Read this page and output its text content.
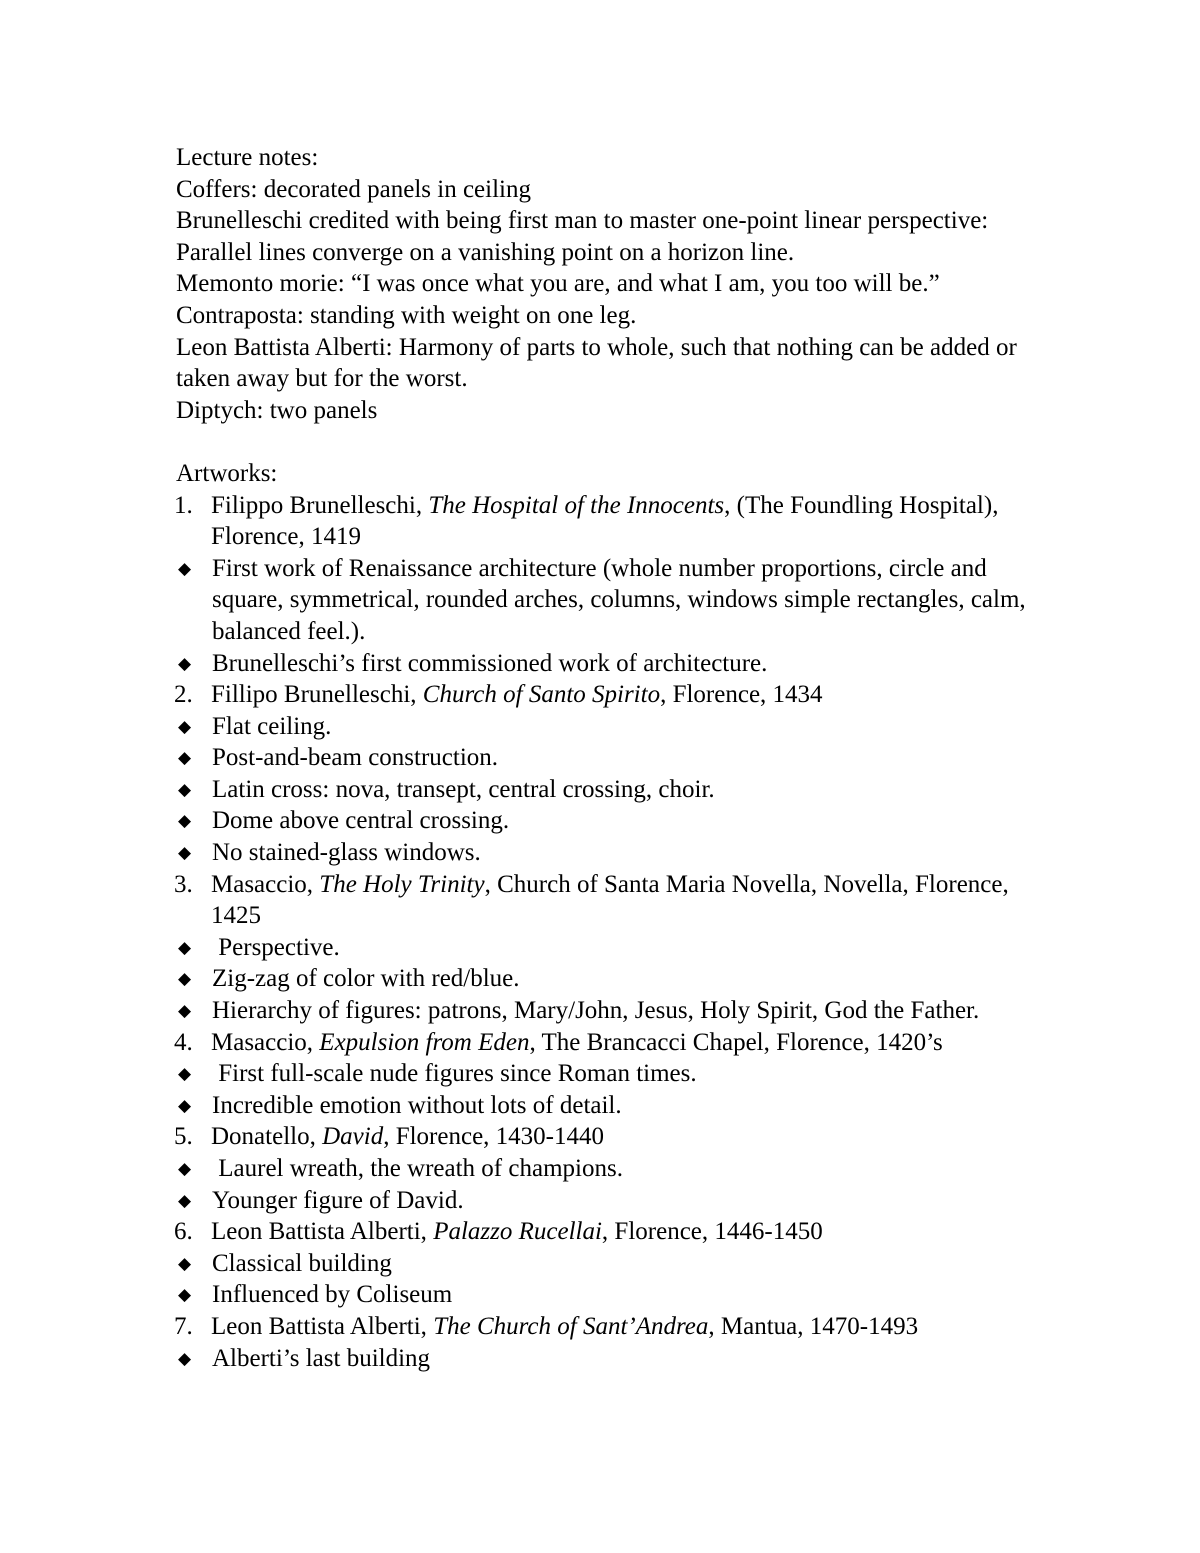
Lecture notes:

Coffers: decorated panels in ceiling

Brunelleschi credited with being first man to master one-point linear perspective: Parallel lines converge on a vanishing point on a horizon line.

Memonto morie: “I was once what you are, and what I am, you too will be.”

Contraposta: standing with weight on one leg.

Leon Battista Alberti: Harmony of parts to whole, such that nothing can be added or taken away but for the worst.

Diptych: two panels

Artworks:

1. Filippo Brunelleschi, The Hospital of the Innocents, (The Foundling Hospital), Florence, 1419

◆ First work of Renaissance architecture (whole number proportions, circle and square, symmetrical, rounded arches, columns, windows simple rectangles, calm, balanced feel.).
◆ Brunelleschi’s first commissioned work of architecture.

2. Fillipo Brunelleschi, Church of Santo Spirito, Florence, 1434

◆ Flat ceiling.
◆ Post-and-beam construction.
◆ Latin cross: nova, transept, central crossing, choir.
◆ Dome above central crossing.
◆ No stained-glass windows.

3. Masaccio, The Holy Trinity, Church of Santa Maria Novella, Novella, Florence, 1425

◆ Perspective.
◆ Zig-zag of color with red/blue.
◆ Hierarchy of figures: patrons, Mary/John, Jesus, Holy Spirit, God the Father.

4. Masaccio, Expulsion from Eden, The Brancacci Chapel, Florence, 1420’s

◆ First full-scale nude figures since Roman times.
◆ Incredible emotion without lots of detail.

5. Donatello, David, Florence, 1430-1440

◆ Laurel wreath, the wreath of champions.
◆ Younger figure of David.

6. Leon Battista Alberti, Palazzo Rucellai, Florence, 1446-1450

◆ Classical building
◆ Influenced by Coliseum

7. Leon Battista Alberti, The Church of Sant’Andrea, Mantua, 1470-1493

◆ Alberti’s last building
